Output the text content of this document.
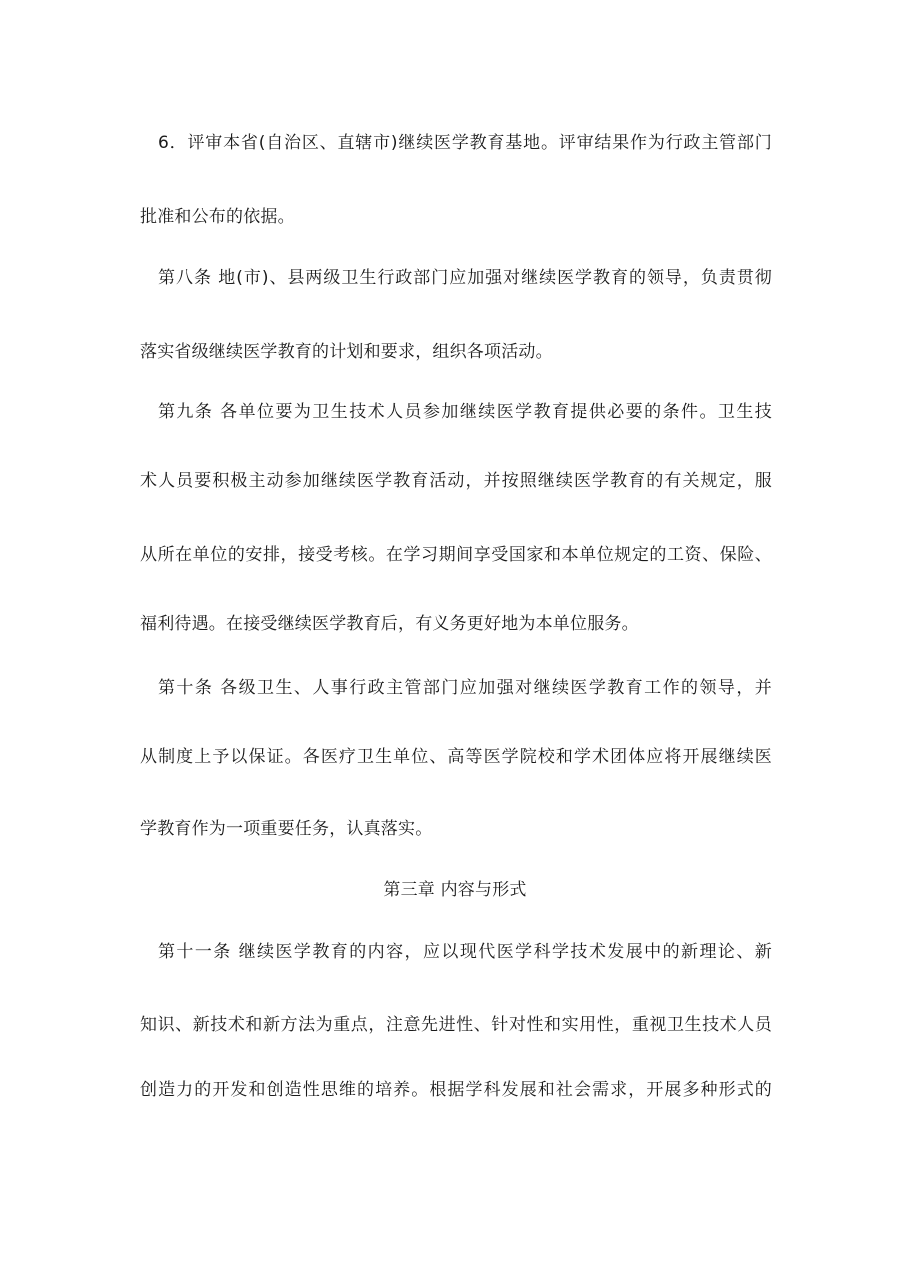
6．评审本省(自治区、直辖市)继续医学教育基地。评审结果作为行政主管部门
批准和公布的依据。
第八条 地(市)、县两级卫生行政部门应加强对继续医学教育的领导，负责贯彻
落实省级继续医学教育的计划和要求，组织各项活动。
第九条 各单位要为卫生技术人员参加继续医学教育提供必要的条件。卫生技
术人员要积极主动参加继续医学教育活动，并按照继续医学教育的有关规定，服
从所在单位的安排，接受考核。在学习期间享受国家和本单位规定的工资、保险、
福利待遇。在接受继续医学教育后，有义务更好地为本单位服务。
第十条 各级卫生、人事行政主管部门应加强对继续医学教育工作的领导，并
从制度上予以保证。各医疗卫生单位、高等医学院校和学术团体应将开展继续医
学教育作为一项重要任务，认真落实。
第三章 内容与形式
第十一条 继续医学教育的内容，应以现代医学科学技术发展中的新理论、新
知识、新技术和新方法为重点，注意先进性、针对性和实用性，重视卫生技术人员
创造力的开发和创造性思维的培养。根据学科发展和社会需求，开展多种形式的
